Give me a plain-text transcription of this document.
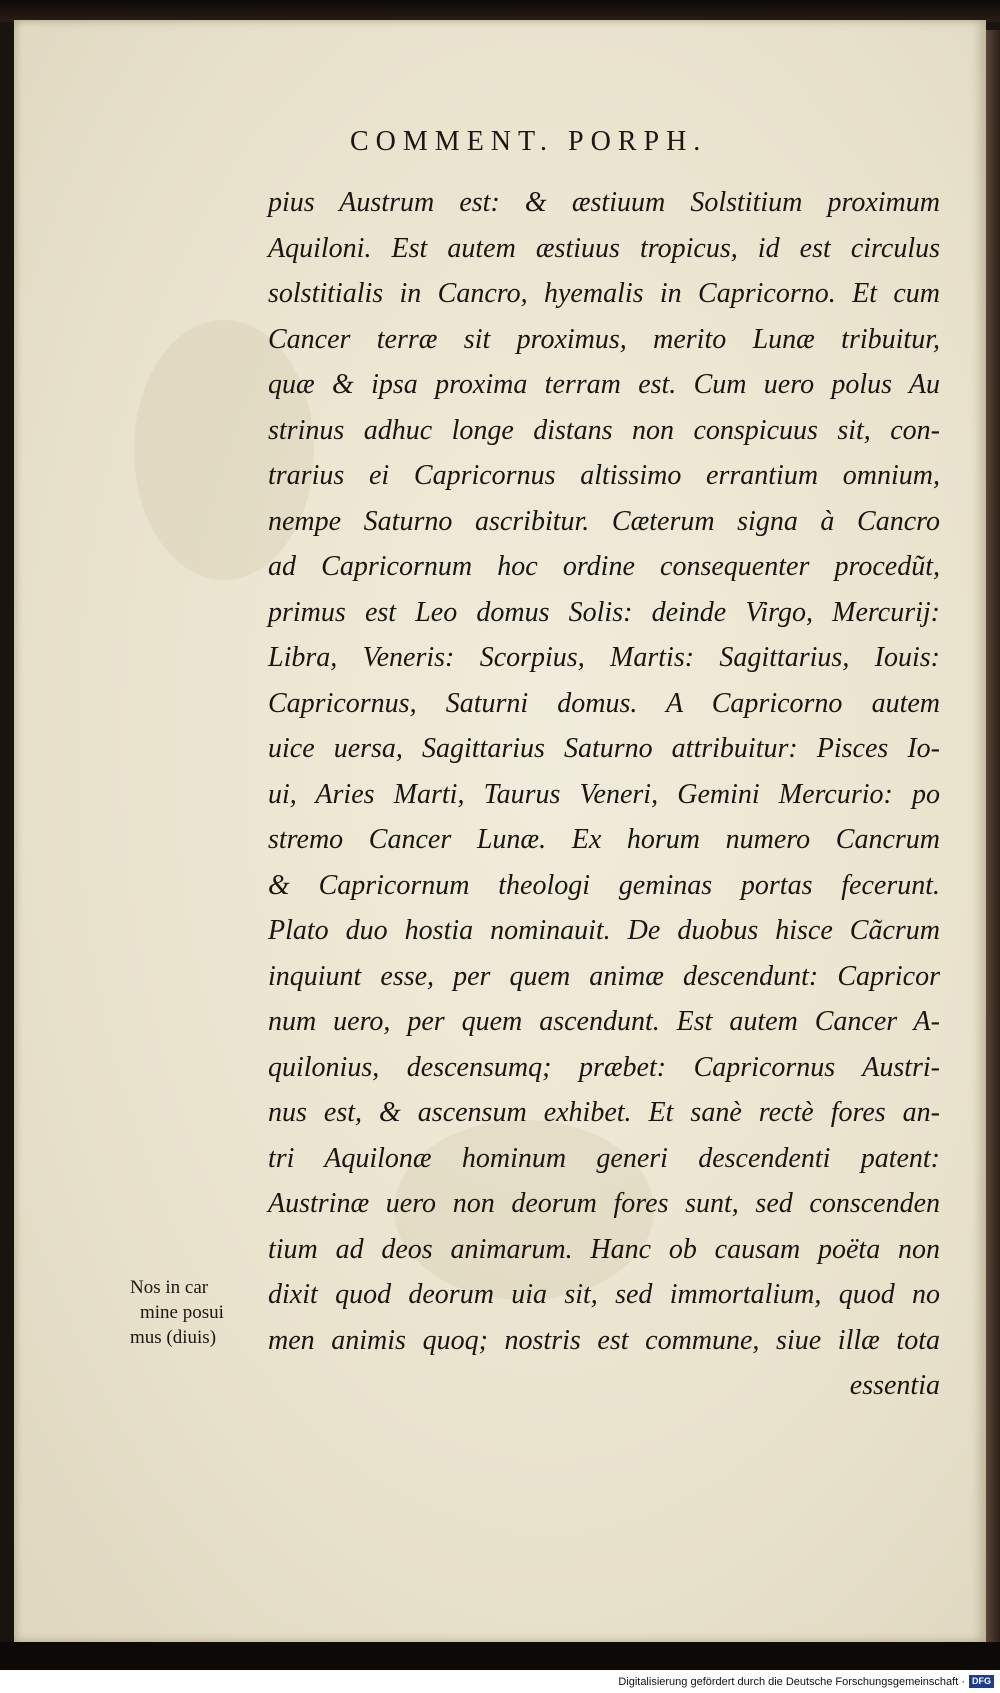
COMMENT. PORPH.
pius Austrum est: & æstiuum Solstitium proximum
Aquiloni. Est autem æstiuus tropicus, id est circulus
solstitialis in Cancro, hyemalis in Capricorno. Et cum
Cancer terræ sit proximus, merito Lunæ tribuitur,
quæ & ipsa proxima terram est. Cum uero polus Au
strinus adhuc longe distans non conspicuus sit, con-
trarius ei Capricornus altissimo errantium omnium,
nempe Saturno ascribitur. Cæterum signa à Cancro
ad Capricornum hoc ordine consequenter procedũt,
primus est Leo domus Solis: deinde Virgo, Mercurij:
Libra, Veneris: Scorpius, Martis: Sagittarius, Iouis:
Capricornus, Saturni domus. A Capricorno autem
uice uersa, Sagittarius Saturno attribuitur: Pisces Io-
ui, Aries Marti, Taurus Veneri, Gemini Mercurio: po
stremo Cancer Lunæ. Ex horum numero Cancrum
& Capricornum theologi geminas portas fecerunt.
Plato duo hostia nominauit. De duobus hisce Cãcrum
inquiunt esse, per quem animæ descendunt: Capricor
num uero, per quem ascendunt. Est autem Cancer A-
quilonius, descensumq; præbet: Capricornus Austri-
nus est, & ascensum exhibet. Et sanè rectè fores an-
tri Aquilonæ hominum generi descendenti patent:
Austrinæ uero non deorum fores sunt, sed conscenden
tium ad deos animarum. Hanc ob causam poëta non
dixit quod deorum uia sit, sed immortalium, quod no
men animis quoq; nostris est commune, siue illæ tota
essentia
Nos in car
mine posui
mus (diuis)
Digitalisierung gefördert durch die Deutsche Forschungsgemeinschaft · DFG
